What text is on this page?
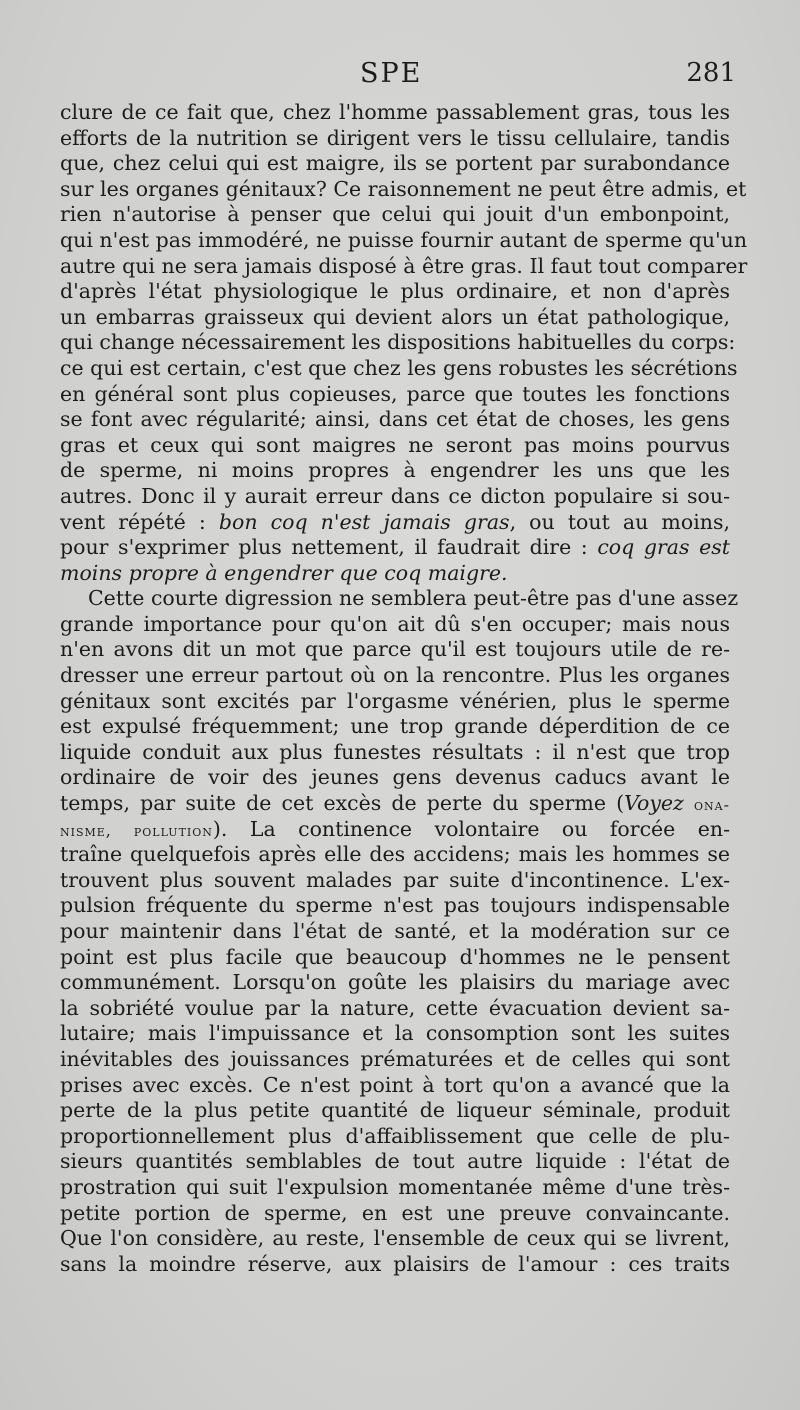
SPE	281
clure de ce fait que, chez l'homme passablement gras, tous les
efforts de la nutrition se dirigent vers le tissu cellulaire, tandis
que, chez celui qui est maigre, ils se portent par surabondance
sur les organes génitaux? Ce raisonnement ne peut être admis, et
rien n'autorise à penser que celui qui jouit d'un embonpoint,
qui n'est pas immodéré, ne puisse fournir autant de sperme qu'un
autre qui ne sera jamais disposé à être gras. Il faut tout comparer
d'après l'état physiologique le plus ordinaire, et non d'après
un embarras graisseux qui devient alors un état pathologique,
qui change nécessairement les dispositions habituelles du corps:
ce qui est certain, c'est que chez les gens robustes les sécrétions
en général sont plus copieuses, parce que toutes les fonctions
se font avec régularité; ainsi, dans cet état de choses, les gens
gras et ceux qui sont maigres ne seront pas moins pourvus
de sperme, ni moins propres à engendrer les uns que les
autres. Donc il y aurait erreur dans ce dicton populaire si sou-
vent répété : bon coq n'est jamais gras, ou tout au moins,
pour s'exprimer plus nettement, il faudrait dire : coq gras est
moins propre à engendrer que coq maigre.
Cette courte digression ne semblera peut-être pas d'une assez
grande importance pour qu'on ait dû s'en occuper; mais nous
n'en avons dit un mot que parce qu'il est toujours utile de re-
dresser une erreur partout où on la rencontre. Plus les organes
génitaux sont excités par l'orgasme vénérien, plus le sperme
est expulsé fréquemment; une trop grande déperdition de ce
liquide conduit aux plus funestes résultats : il n'est que trop
ordinaire de voir des jeunes gens devenus caducs avant le
temps, par suite de cet excès de perte du sperme (Voyez ona-
nisme, pollution). La continence volontaire ou forcée en-
traîne quelquefois après elle des accidens; mais les hommes se
trouvent plus souvent malades par suite d'incontinence. L'ex-
pulsion fréquente du sperme n'est pas toujours indispensable
pour maintenir dans l'état de santé, et la modération sur ce
point est plus facile que beaucoup d'hommes ne le pensent
communément. Lorsqu'on goûte les plaisirs du mariage avec
la sobriété voulue par la nature, cette évacuation devient sa-
lutaire; mais l'impuissance et la consomption sont les suites
inévitables des jouissances prématurées et de celles qui sont
prises avec excès. Ce n'est point à tort qu'on a avancé que la
perte de la plus petite quantité de liqueur séminale, produit
proportionnellement plus d'affaiblissement que celle de plu-
sieurs quantités semblables de tout autre liquide : l'état de
prostration qui suit l'expulsion momentanée même d'une très-
petite portion de sperme, en est une preuve convaincante.
Que l'on considère, au reste, l'ensemble de ceux qui se livrent,
sans la moindre réserve, aux plaisirs de l'amour : ces traits
